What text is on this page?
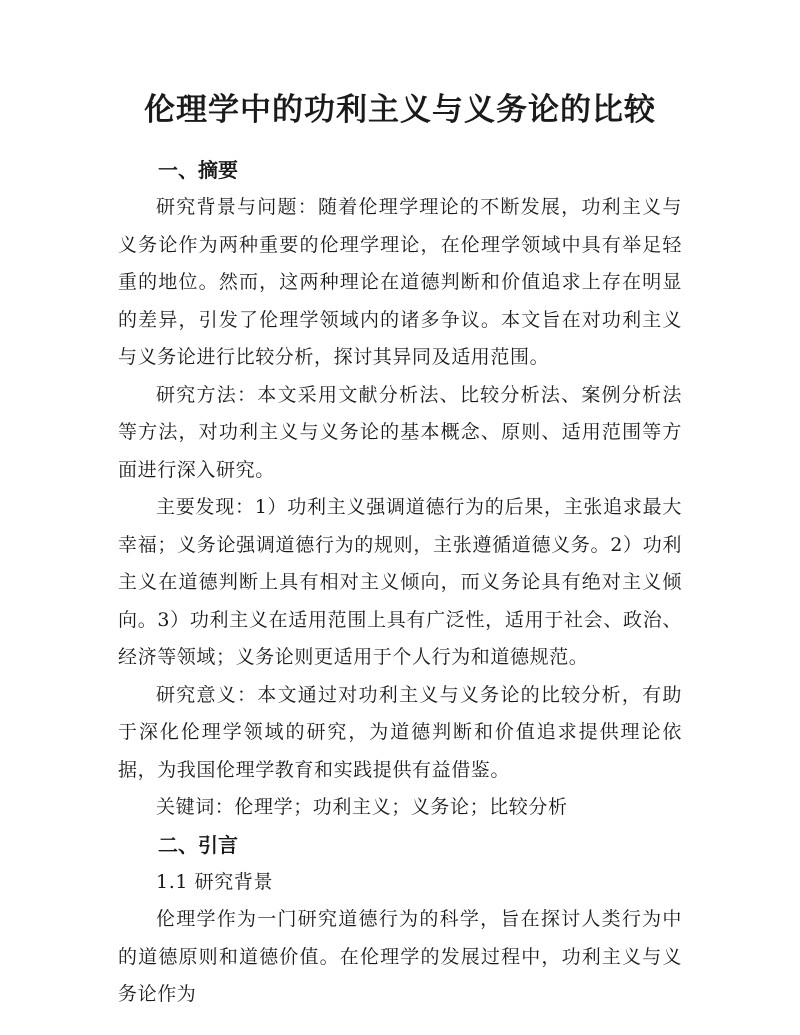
伦理学中的功利主义与义务论的比较
一、摘要

研究背景与问题：随着伦理学理论的不断发展，功利主义与义务论作为两种重要的伦理学理论，在伦理学领域中具有举足轻重的地位。然而，这两种理论在道德判断和价值追求上存在明显的差异，引发了伦理学领域内的诸多争议。本文旨在对功利主义与义务论进行比较分析，探讨其异同及适用范围。

研究方法：本文采用文献分析法、比较分析法、案例分析法等方法，对功利主义与义务论的基本概念、原则、适用范围等方面进行深入研究。

主要发现：1）功利主义强调道德行为的后果，主张追求最大幸福；义务论强调道德行为的规则，主张遵循道德义务。2）功利主义在道德判断上具有相对主义倾向，而义务论具有绝对主义倾向。3）功利主义在适用范围上具有广泛性，适用于社会、政治、经济等领域；义务论则更适用于个人行为和道德规范。

研究意义：本文通过对功利主义与义务论的比较分析，有助于深化伦理学领域的研究，为道德判断和价值追求提供理论依据，为我国伦理学教育和实践提供有益借鉴。

关键词：伦理学；功利主义；义务论；比较分析

二、引言

1.1 研究背景

伦理学作为一门研究道德行为的科学，旨在探讨人类行为中的道德原则和道德价值。在伦理学的发展过程中，功利主义与义务论作为
